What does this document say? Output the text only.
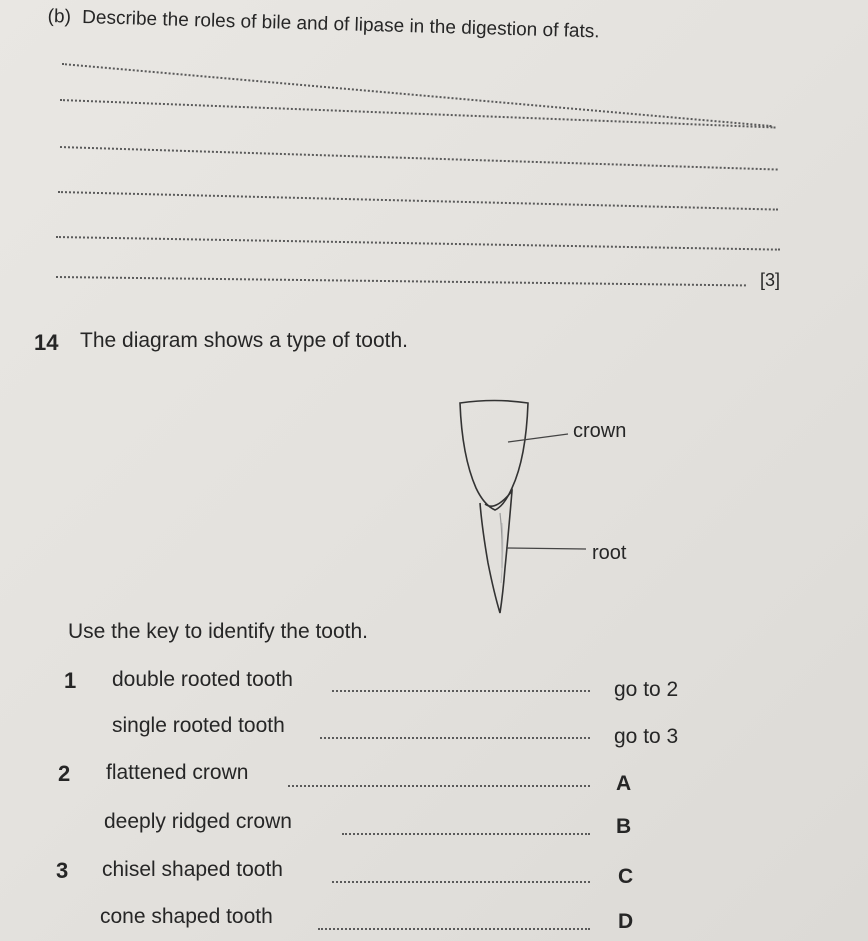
(b) Describe the roles of bile and of lipase in the digestion of fats.
[3]
14 The diagram shows a type of tooth.
crown
root
Use the key to identify the tooth.
1 double rooted tooth	go to 2
single rooted tooth	go to 3
2 flattened crown	A
deeply ridged crown	B
3 chisel shaped tooth	C
cone shaped tooth	D
